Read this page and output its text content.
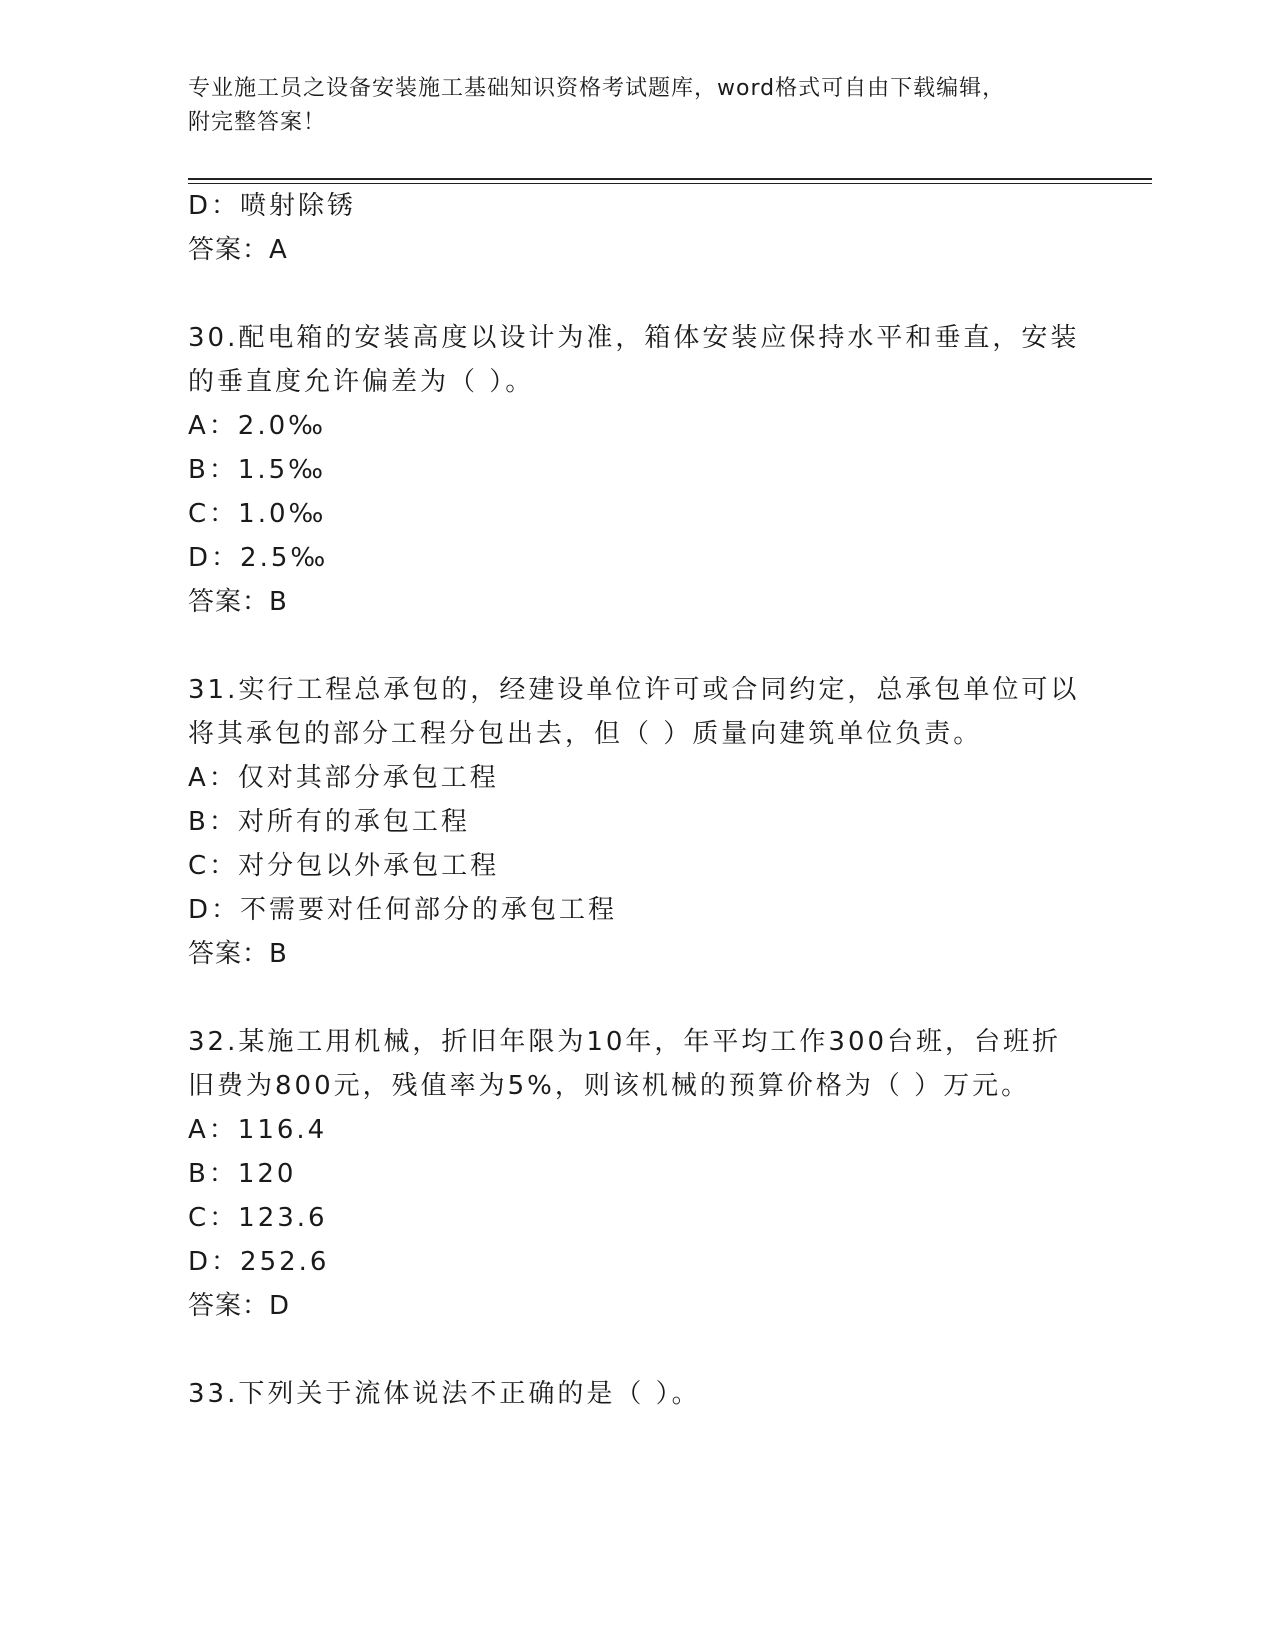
专业施工员之设备安装施工基础知识资格考试题库，word格式可自由下载编辑，
附完整答案！
D：喷射除锈
答案：A
30.配电箱的安装高度以设计为准，箱体安装应保持水平和垂直，安装
的垂直度允许偏差为（ ）。
A：2.0‰
B：1.5‰
C：1.0‰
D：2.5‰
答案：B
31.实行工程总承包的，经建设单位许可或合同约定，总承包单位可以
将其承包的部分工程分包出去，但（ ）质量向建筑单位负责。
A：仅对其部分承包工程
B：对所有的承包工程
C：对分包以外承包工程
D：不需要对任何部分的承包工程
答案：B
32.某施工用机械，折旧年限为10年，年平均工作300台班，台班折
旧费为800元，残值率为5%，则该机械的预算价格为（ ）万元。
A：116.4
B：120
C：123.6
D：252.6
答案：D
33.下列关于流体说法不正确的是（ ）。
